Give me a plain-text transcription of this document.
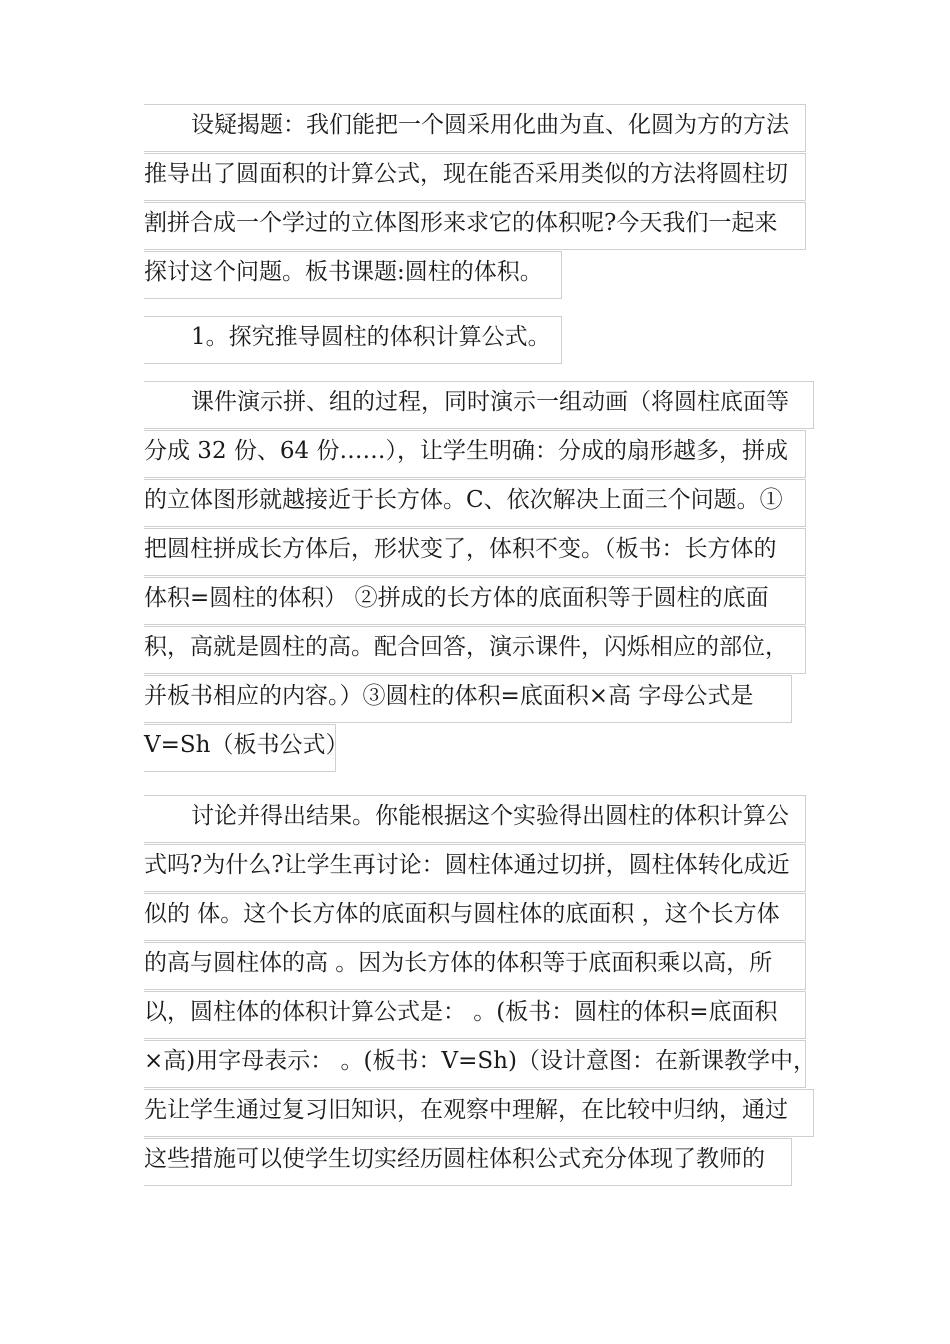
设疑揭题：我们能把一个圆采用化曲为直、化圆为方的方法
推导出了圆面积的计算公式，现在能否采用类似的方法将圆柱切
割拼合成一个学过的立体图形来求它的体积呢?今天我们一起来
探讨这个问题。板书课题:圆柱的体积。
1。探究推导圆柱的体积计算公式。
课件演示拼、组的过程，同时演示一组动画（将圆柱底面等
分成 32 份、64 份……），让学生明确：分成的扇形越多，拼成
的立体图形就越接近于长方体。C、依次解决上面三个问题。①
把圆柱拼成长方体后，形状变了，体积不变。（板书：长方体的
体积=圆柱的体积） ②拼成的长方体的底面积等于圆柱的底面
积，高就是圆柱的高。配合回答，演示课件，闪烁相应的部位，
并板书相应的内容。）③圆柱的体积=底面积×高 字母公式是
V=Sh（板书公式）
讨论并得出结果。你能根据这个实验得出圆柱的体积计算公
式吗?为什么?让学生再讨论：圆柱体通过切拼，圆柱体转化成近
似的 体。这个长方体的底面积与圆柱体的底面积 ，这个长方体
的高与圆柱体的高 。因为长方体的体积等于底面积乘以高，所
以，圆柱体的体积计算公式是： 。(板书：圆柱的体积=底面积
×高)用字母表示： 。(板书：V=Sh)（设计意图：在新课教学中，
先让学生通过复习旧知识，在观察中理解，在比较中归纳，通过
这些措施可以使学生切实经历圆柱体积公式充分体现了教师的
